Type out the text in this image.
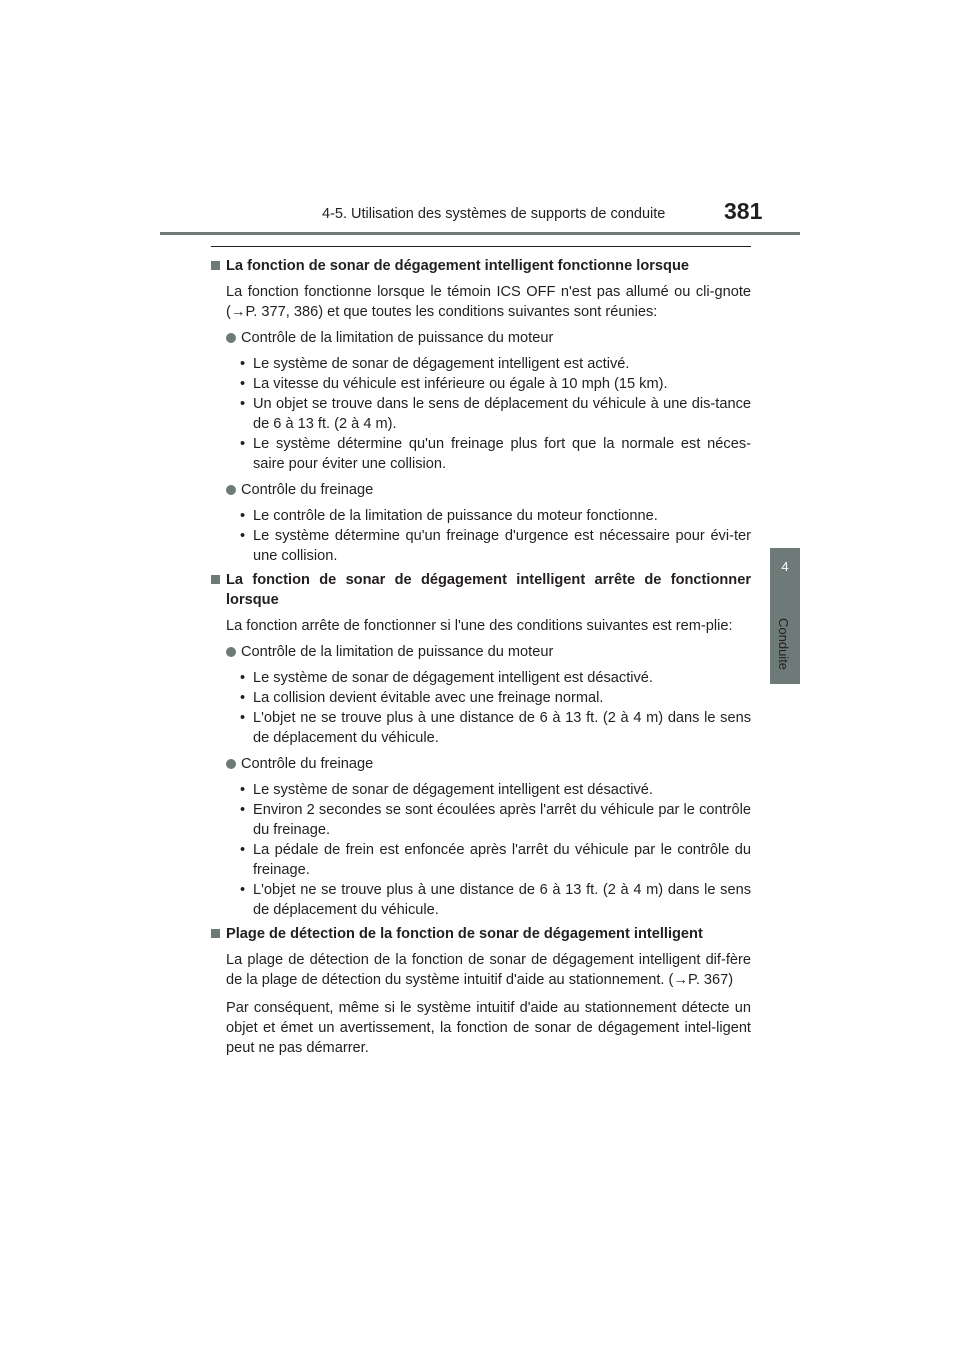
4-5. Utilisation des systèmes de supports de conduite	381
4
Conduite
La fonction de sonar de dégagement intelligent fonctionne lorsque
La fonction fonctionne lorsque le témoin ICS OFF n'est pas allumé ou cli-gnote (→P. 377, 386) et que toutes les conditions suivantes sont réunies:
Contrôle de la limitation de puissance du moteur
• Le système de sonar de dégagement intelligent est activé.
• La vitesse du véhicule est inférieure ou égale à 10 mph (15 km).
• Un objet se trouve dans le sens de déplacement du véhicule à une dis-tance de 6 à 13 ft. (2 à 4 m).
• Le système détermine qu'un freinage plus fort que la normale est néces-saire pour éviter une collision.
Contrôle du freinage
• Le contrôle de la limitation de puissance du moteur fonctionne.
• Le système détermine qu'un freinage d'urgence est nécessaire pour évi-ter une collision.
La fonction de sonar de dégagement intelligent arrête de fonctionner lorsque
La fonction arrête de fonctionner si l'une des conditions suivantes est rem-plie:
Contrôle de la limitation de puissance du moteur
• Le système de sonar de dégagement intelligent est désactivé.
• La collision devient évitable avec une freinage normal.
• L'objet ne se trouve plus à une distance de 6 à 13 ft. (2 à 4 m) dans le sens de déplacement du véhicule.
Contrôle du freinage
• Le système de sonar de dégagement intelligent est désactivé.
• Environ 2 secondes se sont écoulées après l'arrêt du véhicule par le contrôle du freinage.
• La pédale de frein est enfoncée après l'arrêt du véhicule par le contrôle du freinage.
• L'objet ne se trouve plus à une distance de 6 à 13 ft. (2 à 4 m) dans le sens de déplacement du véhicule.
Plage de détection de la fonction de sonar de dégagement intelligent
La plage de détection de la fonction de sonar de dégagement intelligent dif-fère de la plage de détection du système intuitif d'aide au stationnement. (→P. 367)
Par conséquent, même si le système intuitif d'aide au stationnement détecte un objet et émet un avertissement, la fonction de sonar de dégagement intel-ligent peut ne pas démarrer.
